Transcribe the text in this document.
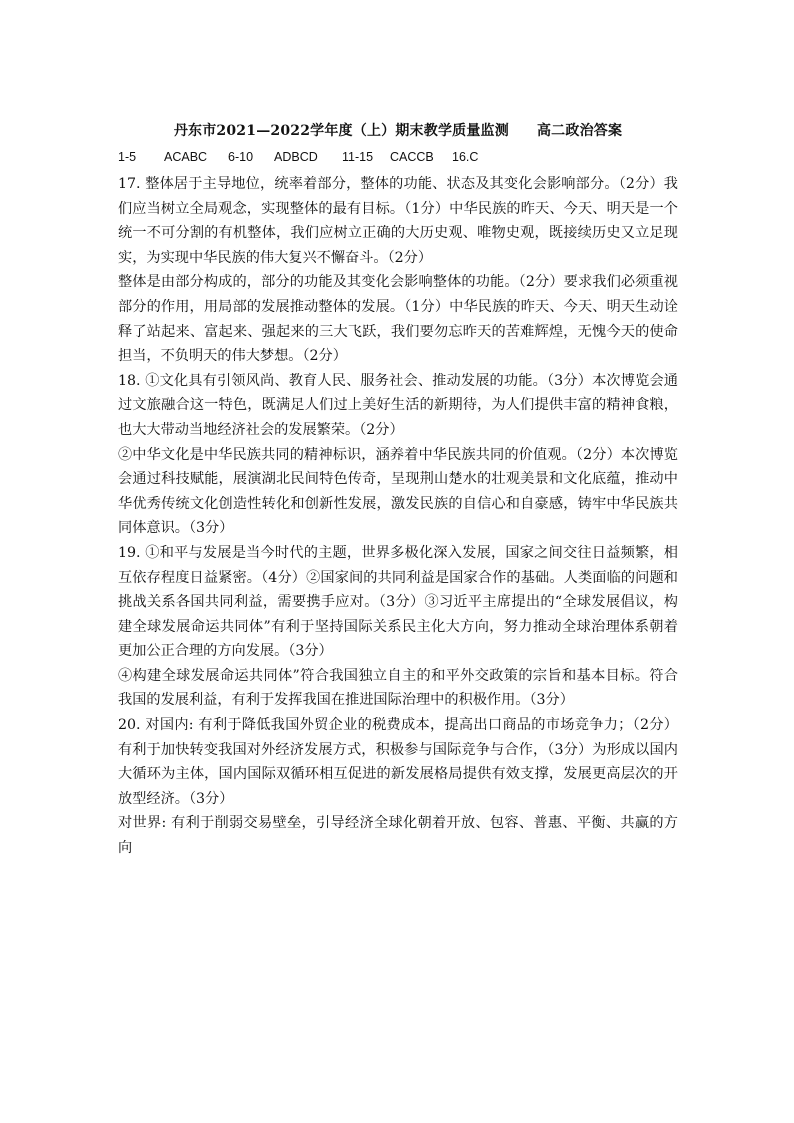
丹东市2021—2022学年度（上）期末教学质量监测 高二政治答案
1-5 ACABC 6-10 ADBCD 11-15 CACCB 16.C

17. 整体居于主导地位，统率着部分，整体的功能、状态及其变化会影响部分。（2分）我们应当树立全局观念，实现整体的最有目标。（1分）中华民族的昨天、今天、明天是一个统一不可分割的有机整体，我们应树立正确的大历史观、唯物史观，既接续历史又立足现实，为实现中华民族的伟大复兴不懈奋斗。（2分）

整体是由部分构成的，部分的功能及其变化会影响整体的功能。（2分）要求我们必须重视部分的作用，用局部的发展推动整体的发展。（1分）中华民族的昨天、今天、明天生动诠释了站起来、富起来、强起来的三大飞跃，我们要勿忘昨天的苦难辉煌，无愧今天的使命担当，不负明天的伟大梦想。（2分）

18. ①文化具有引领风尚、教育人民、服务社会、推动发展的功能。（3分）本次博览会通过文旅融合这一特色，既满足人们过上美好生活的新期待，为人们提供丰富的精神食粮，也大大带动当地经济社会的发展繁荣。（2分）

②中华文化是中华民族共同的精神标识，涵养着中华民族共同的价值观。（2分）本次博览会通过科技赋能，展演湖北民间特色传奇，呈现荆山楚水的壮观美景和文化底蕴，推动中华优秀传统文化创造性转化和创新性发展，激发民族的自信心和自豪感，铸牢中华民族共同体意识。（3分）

19. ①和平与发展是当今时代的主题，世界多极化深入发展，国家之间交往日益频繁，相互依存程度日益紧密。（4分）②国家间的共同利益是国家合作的基础。人类面临的问题和挑战关系各国共同利益，需要携手应对。（3分）③习近平主席提出的“全球发展倡议，构建全球发展命运共同体”有利于坚持国际关系民主化大方向，努力推动全球治理体系朝着更加公正合理的方向发展。（3分）

④构建全球发展命运共同体”符合我国独立自主的和平外交政策的宗旨和基本目标。符合我国的发展利益，有利于发挥我国在推进国际治理中的积极作用。（3分）

20. 对国内: 有利于降低我国外贸企业的税费成本，提高出口商品的市场竞争力；（2分）有利于加快转变我国对外经济发展方式，积极参与国际竞争与合作，（3分）为形成以国内大循环为主体，国内国际双循环相互促进的新发展格局提供有效支撑，发展更高层次的开放型经济。（3分）

对世界: 有利于削弱交易壁垒，引导经济全球化朝着开放、包容、普惠、平衡、共赢的方向
